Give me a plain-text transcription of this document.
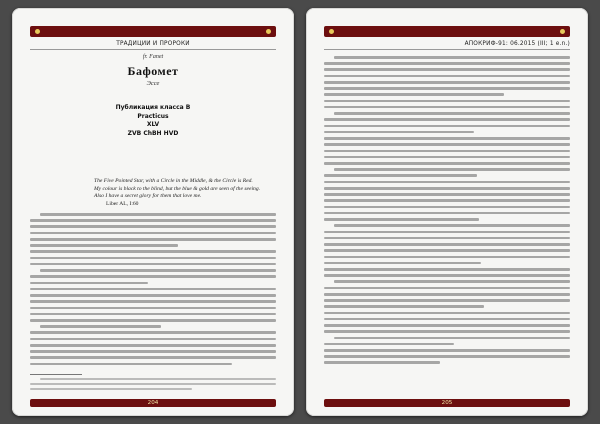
ТРАДИЦИИ И ПРОРОКИ
fr. Fanet
Бафомет
Эссе
Публикация класса B
Practicus
XLV
ZVB ChBH HVD
The Five Pointed Star, with a Circle in the Middle, & the Circle is Red.
My colour is black to the blind, but the blue & gold are seen of the seeing.
Also I have a secret glory for them that love me.
Liber AL, I:60
204
АПОКРИФ-91: 06.2015 (III; 1 e.n.)
205
